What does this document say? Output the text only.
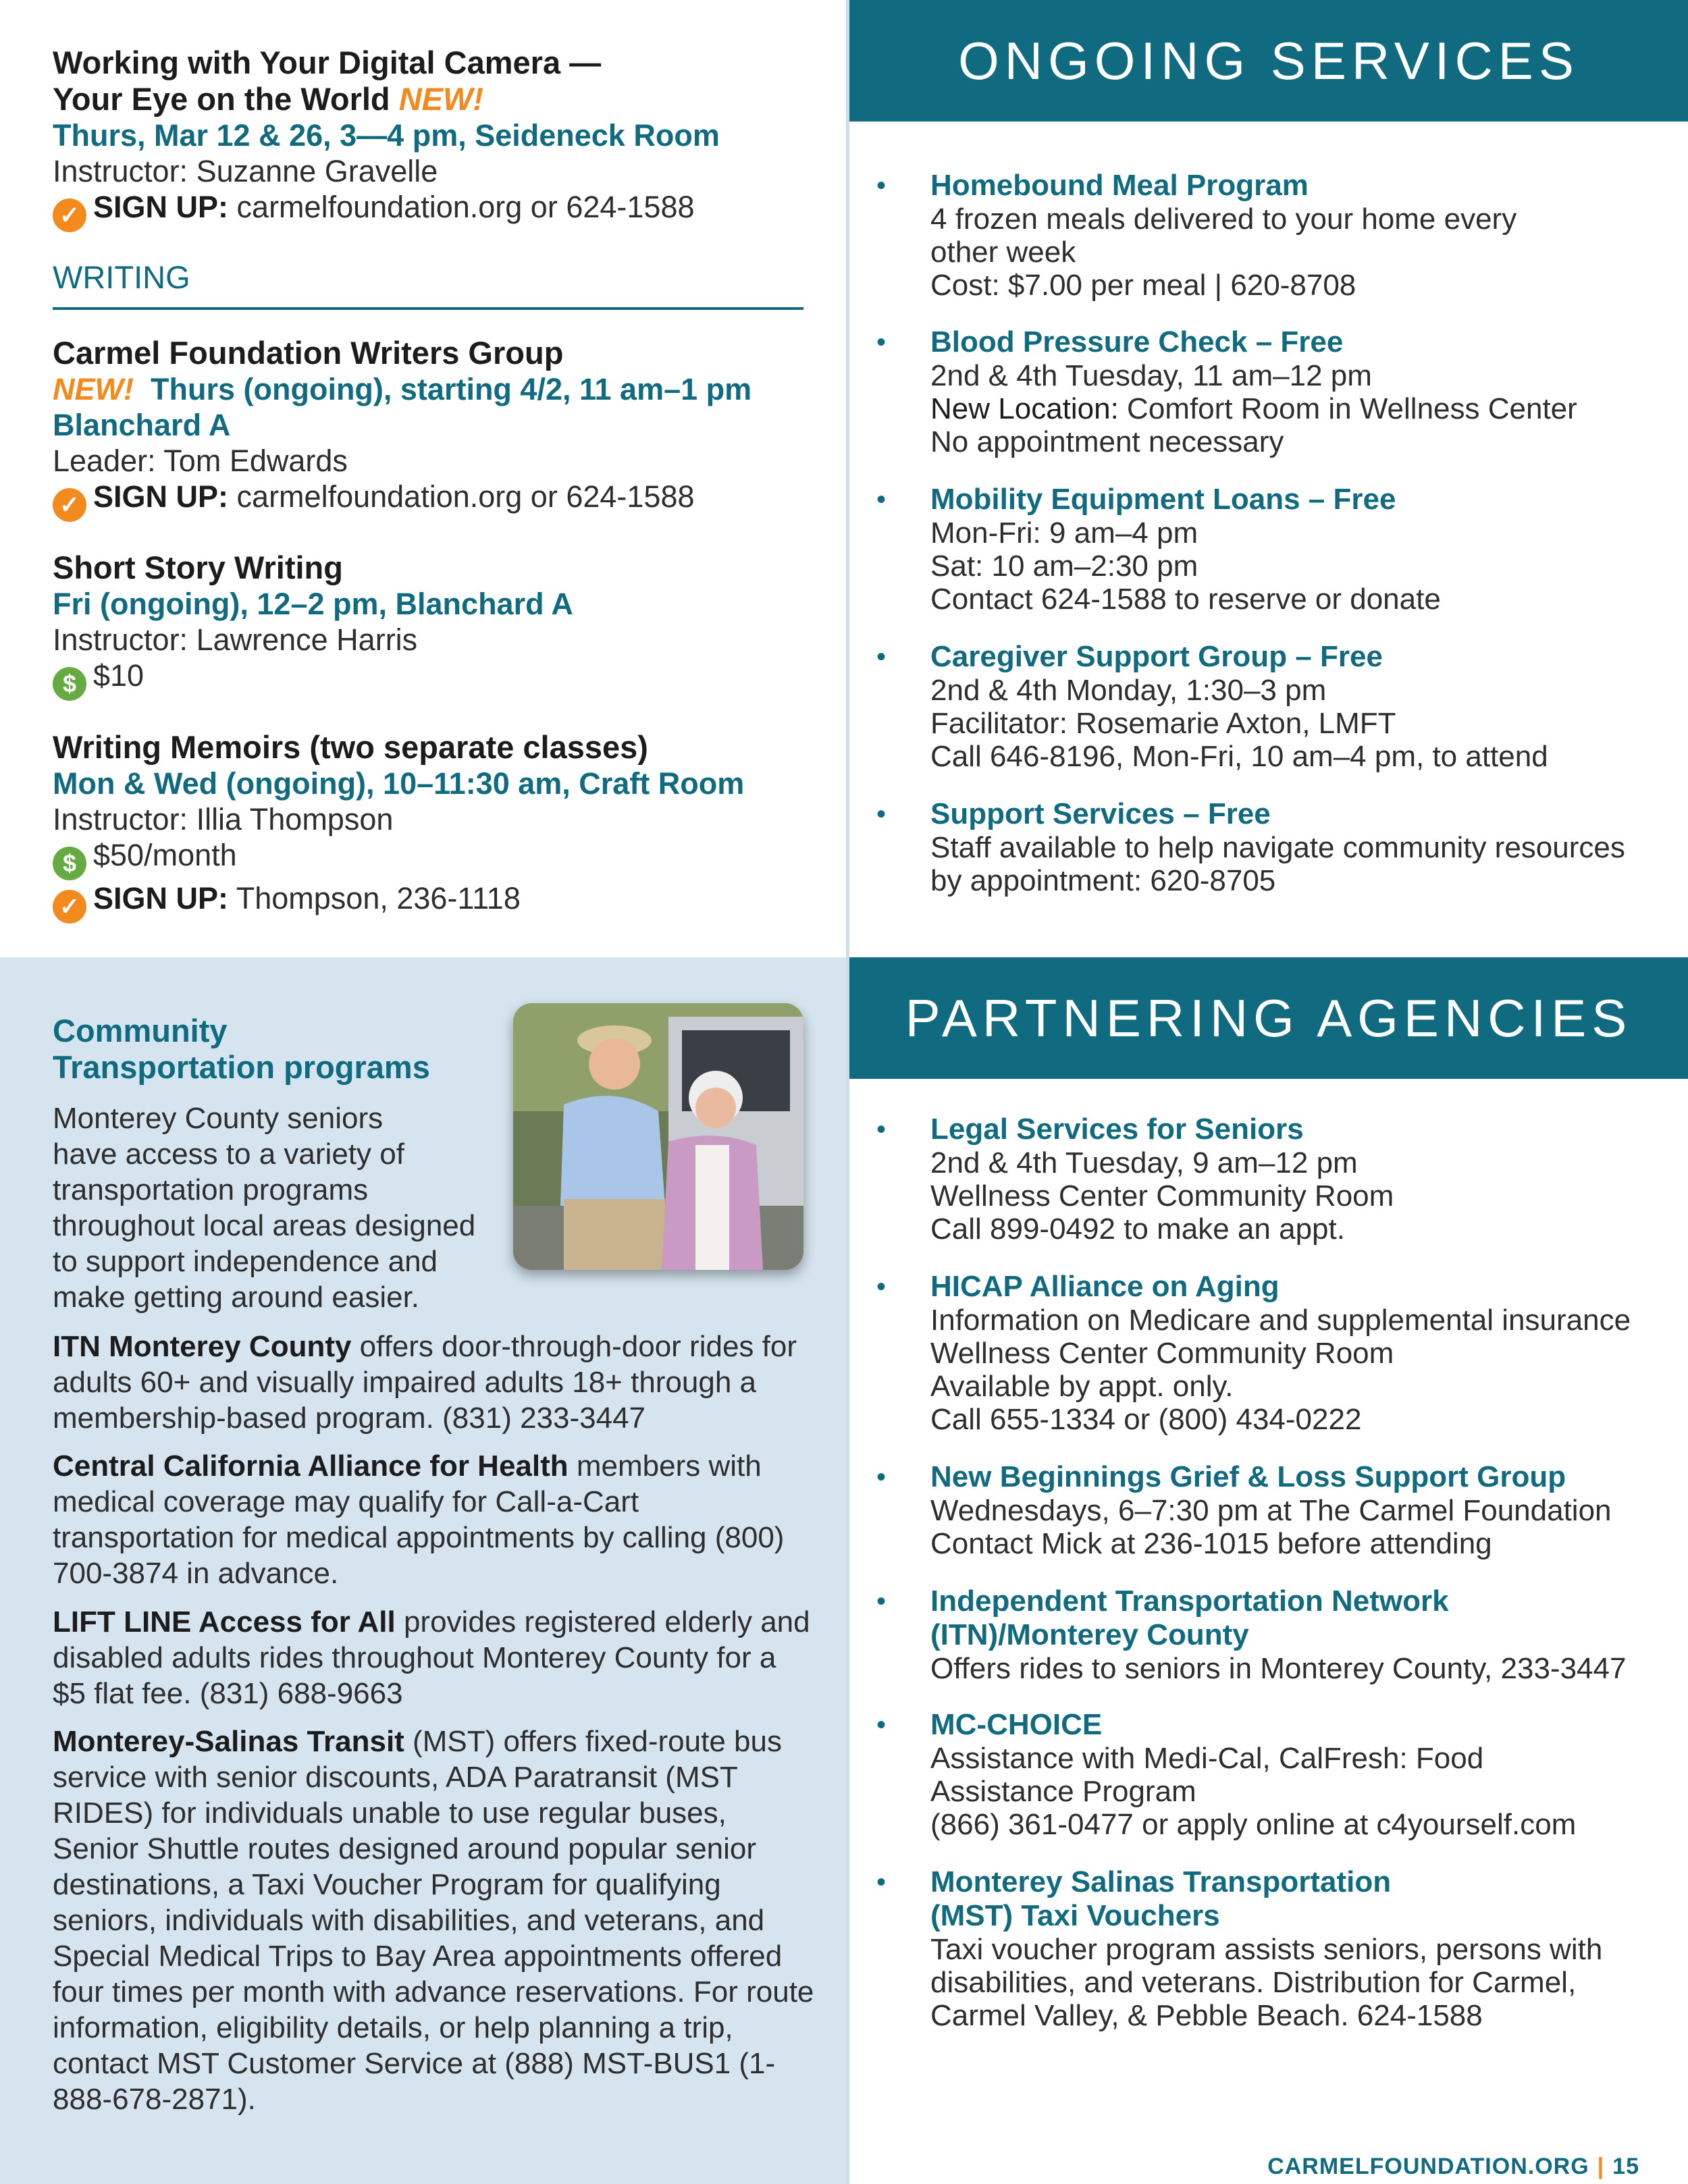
Working with Your Digital Camera —
Your Eye on the World NEW!
Thurs, Mar 12 & 26, 3—4 pm, Seideneck Room
Instructor: Suzanne Gravelle
✓ SIGN UP: carmelfoundation.org or 624-1588
WRITING
Carmel Foundation Writers Group
NEW! Thurs (ongoing), starting 4/2, 11 am–1 pm
Blanchard A
Leader: Tom Edwards
✓ SIGN UP: carmelfoundation.org or 624-1588
Short Story Writing
Fri (ongoing), 12–2 pm, Blanchard A
Instructor: Lawrence Harris
$ $10
Writing Memoirs (two separate classes)
Mon & Wed (ongoing), 10–11:30 am, Craft Room
Instructor: Illia Thompson
$ $50/month
✓ SIGN UP: Thompson, 236-1118
ONGOING SERVICES
• Homebound Meal Program
4 frozen meals delivered to your home every
other week
Cost: $7.00 per meal | 620-8708
• Blood Pressure Check – Free
2nd & 4th Tuesday, 11 am–12 pm
New Location: Comfort Room in Wellness Center
No appointment necessary
• Mobility Equipment Loans – Free
Mon-Fri: 9 am–4 pm
Sat: 10 am–2:30 pm
Contact 624-1588 to reserve or donate
• Caregiver Support Group – Free
2nd & 4th Monday, 1:30–3 pm
Facilitator: Rosemarie Axton, LMFT
Call 646-8196, Mon-Fri, 10 am–4 pm, to attend
• Support Services – Free
Staff available to help navigate community resources
by appointment: 620-8705
Community
Transportation programs
Monterey County seniors
have access to a variety of
transportation programs
throughout local areas designed
to support independence and
make getting around easier.
ITN Monterey County offers door-through-door rides for adults 60+ and visually impaired adults 18+ through a membership-based program. (831) 233-3447
Central California Alliance for Health members with medical coverage may qualify for Call-a-Cart transportation for medical appointments by calling (800) 700-3874 in advance.
LIFT LINE Access for All provides registered elderly and disabled adults rides throughout Monterey County for a $5 flat fee. (831) 688-9663
Monterey-Salinas Transit (MST) offers fixed-route bus service with senior discounts, ADA Paratransit (MST RIDES) for individuals unable to use regular buses, Senior Shuttle routes designed around popular senior destinations, a Taxi Voucher Program for qualifying seniors, individuals with disabilities, and veterans, and Special Medical Trips to Bay Area appointments offered four times per month with advance reservations. For route information, eligibility details, or help planning a trip, contact MST Customer Service at (888) MST-BUS1 (1-888-678-2871).
PARTNERING AGENCIES
• Legal Services for Seniors
2nd & 4th Tuesday, 9 am–12 pm
Wellness Center Community Room
Call 899-0492 to make an appt.
• HICAP Alliance on Aging
Information on Medicare and supplemental insurance
Wellness Center Community Room
Available by appt. only.
Call 655-1334 or (800) 434-0222
• New Beginnings Grief & Loss Support Group
Wednesdays, 6–7:30 pm at The Carmel Foundation
Contact Mick at 236-1015 before attending
• Independent Transportation Network
(ITN)/Monterey County
Offers rides to seniors in Monterey County, 233-3447
• MC-CHOICE
Assistance with Medi-Cal, CalFresh: Food
Assistance Program
(866) 361-0477 or apply online at c4yourself.com
• Monterey Salinas Transportation
(MST) Taxi Vouchers
Taxi voucher program assists seniors, persons with
disabilities, and veterans. Distribution for Carmel,
Carmel Valley, & Pebble Beach. 624-1588
CARMELFOUNDATION.ORG | 15
